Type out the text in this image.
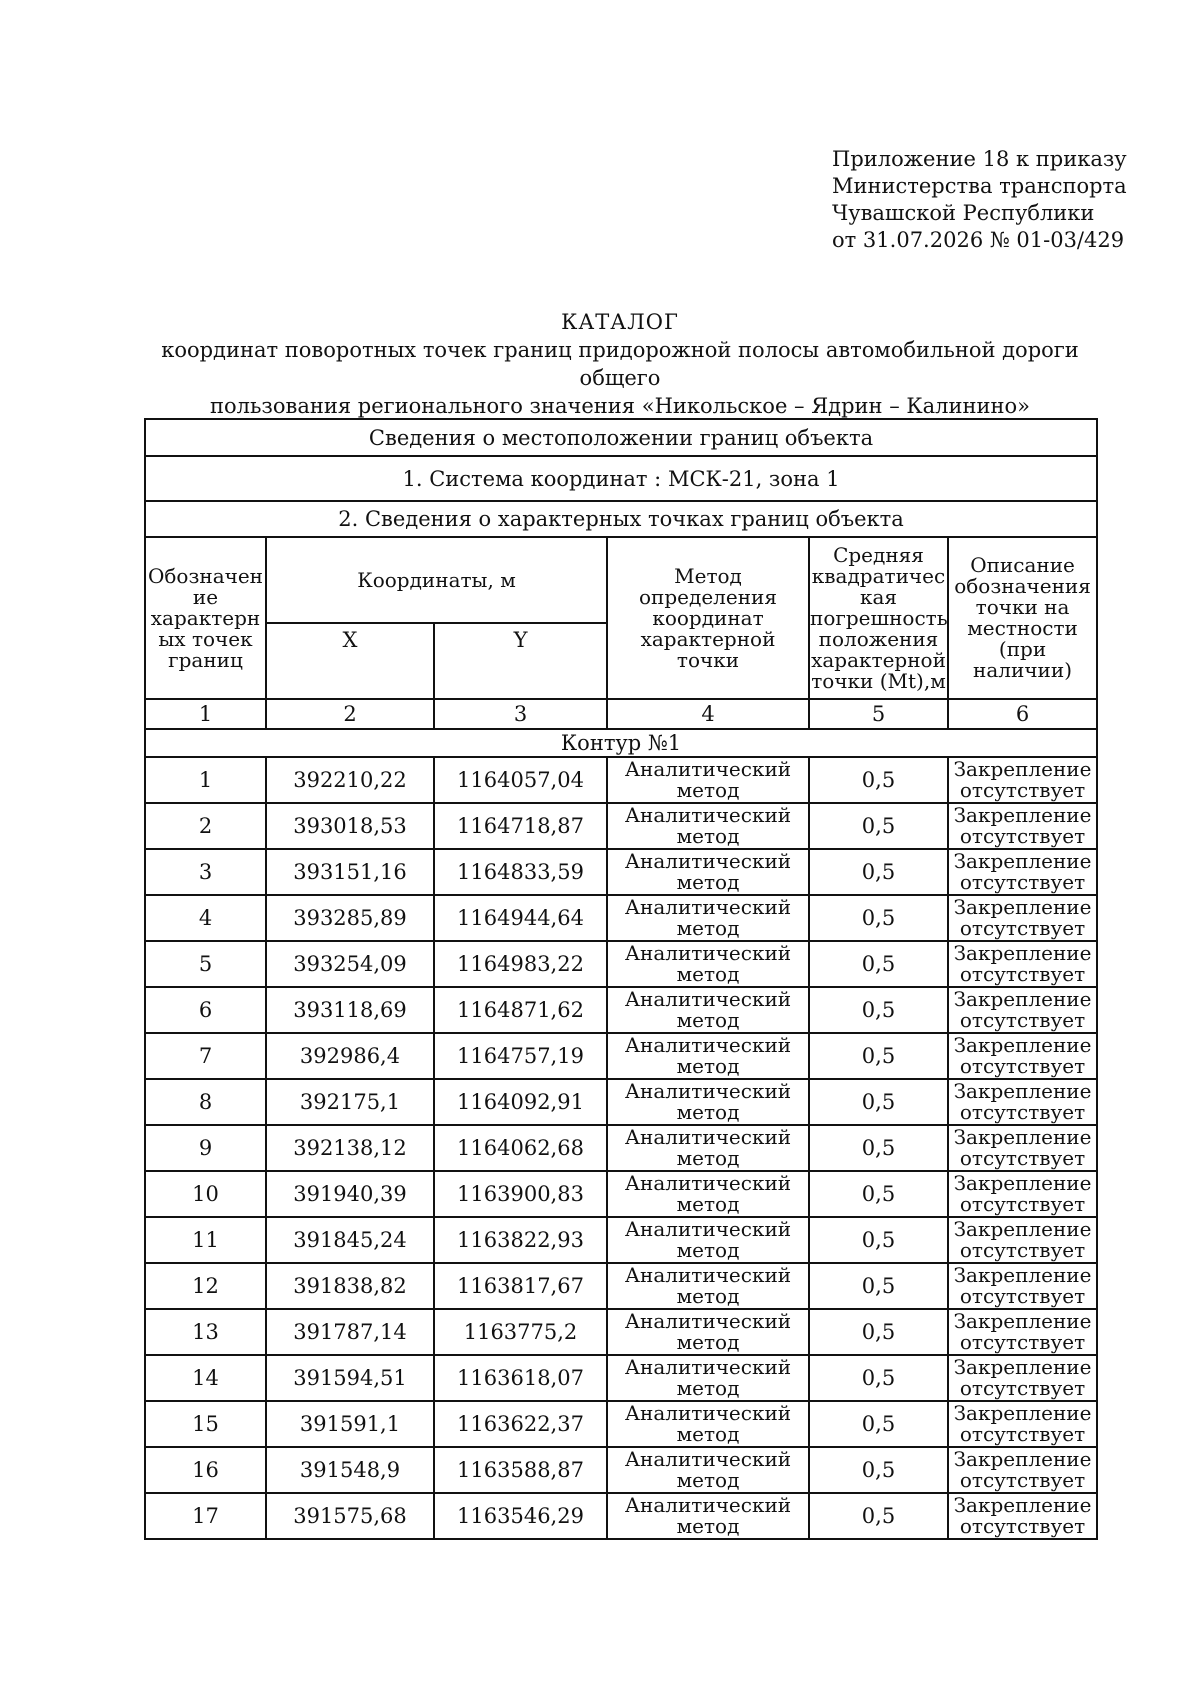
Приложение 18 к приказу
Министерства транспорта
Чувашской Республики
от 31.07.2026 № 01-03/429
КАТАЛОГ
координат поворотных точек границ придорожной полосы автомобильной дороги общего
пользования регионального значения «Никольское – Ядрин – Калинино»
Сведения о местоположении границ объекта					
1. Система координат : МСК-21, зона 1					
2. Сведения о характерных точках границ объекта					
Обозначен ие характерн ых точек границ	Координаты, м		Метод определения координат характерной точки	Средняя квадратичес кая погрешность положения характерной точки (Mt),м	Описание обозначения точки на местности (при наличии)
	X	Y			
1	2	3	4	5	6
Контур №1					
1	392210,22	1164057,04	Аналитический метод	0,5	Закрепление отсутствует
2	393018,53	1164718,87	Аналитический метод	0,5	Закрепление отсутствует
3	393151,16	1164833,59	Аналитический метод	0,5	Закрепление отсутствует
4	393285,89	1164944,64	Аналитический метод	0,5	Закрепление отсутствует
5	393254,09	1164983,22	Аналитический метод	0,5	Закрепление отсутствует
6	393118,69	1164871,62	Аналитический метод	0,5	Закрепление отсутствует
7	392986,4	1164757,19	Аналитический метод	0,5	Закрепление отсутствует
8	392175,1	1164092,91	Аналитический метод	0,5	Закрепление отсутствует
9	392138,12	1164062,68	Аналитический метод	0,5	Закрепление отсутствует
10	391940,39	1163900,83	Аналитический метод	0,5	Закрепление отсутствует
11	391845,24	1163822,93	Аналитический метод	0,5	Закрепление отсутствует
12	391838,82	1163817,67	Аналитический метод	0,5	Закрепление отсутствует
13	391787,14	1163775,2	Аналитический метод	0,5	Закрепление отсутствует
14	391594,51	1163618,07	Аналитический метод	0,5	Закрепление отсутствует
15	391591,1	1163622,37	Аналитический метод	0,5	Закрепление отсутствует
16	391548,9	1163588,87	Аналитический метод	0,5	Закрепление отсутствует
17	391575,68	1163546,29	Аналитический метод	0,5	Закрепление отсутствует
